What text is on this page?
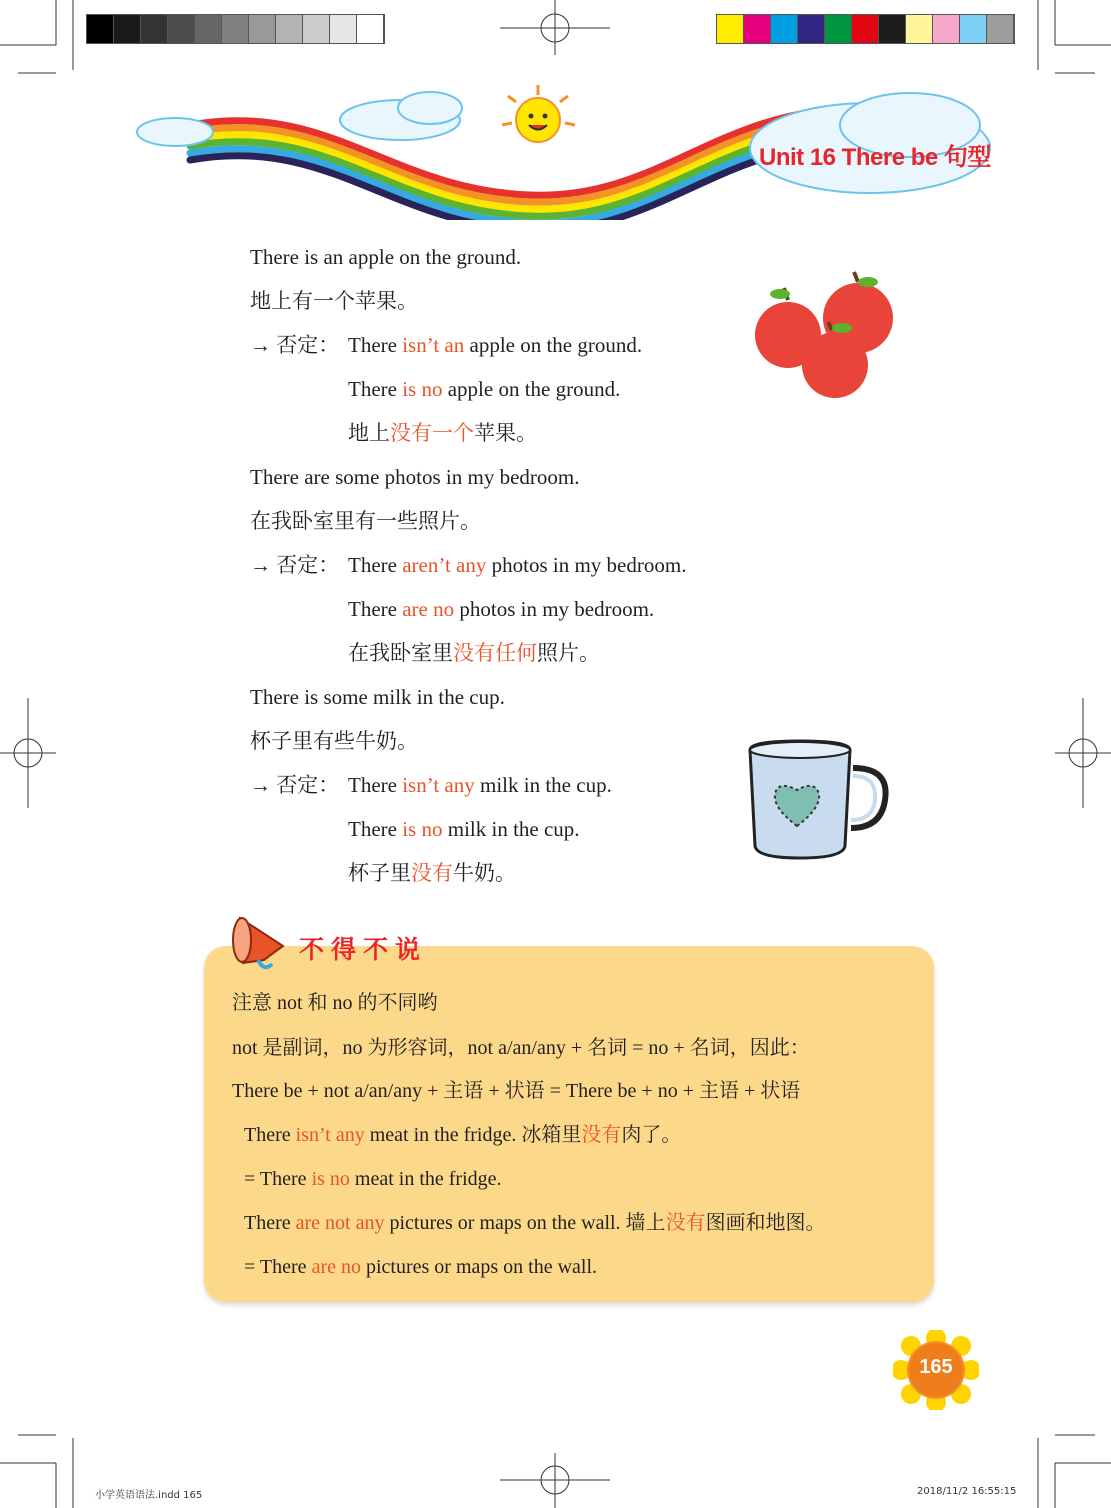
Unit 16 There be 句型
There is an apple on the ground.
地上有一个苹果。
→ 否定： There isn’t an apple on the ground.
There is no apple on the ground.
地上没有一个苹果。
There are some photos in my bedroom.
在我卧室里有一些照片。
→ 否定： There aren’t any photos in my bedroom.
There are no photos in my bedroom.
在我卧室里没有任何照片。
There is some milk in the cup.
杯子里有些牛奶。
→ 否定： There isn’t any milk in the cup.
There is no milk in the cup.
杯子里没有牛奶。
不得不说
注意 not 和 no 的不同哟
not 是副词，no 为形容词，not a/an/any + 名词 = no + 名词，因此：
There be + not a/an/any + 主语 + 状语 = There be + no + 主语 + 状语
There isn’t any meat in the fridge. 冰箱里没有肉了。
= There is no meat in the fridge.
There are not any pictures or maps on the wall. 墙上没有图画和地图。
= There are no pictures or maps on the wall.
165
小学英语语法.indd 165	2018/11/2 16:55:15
